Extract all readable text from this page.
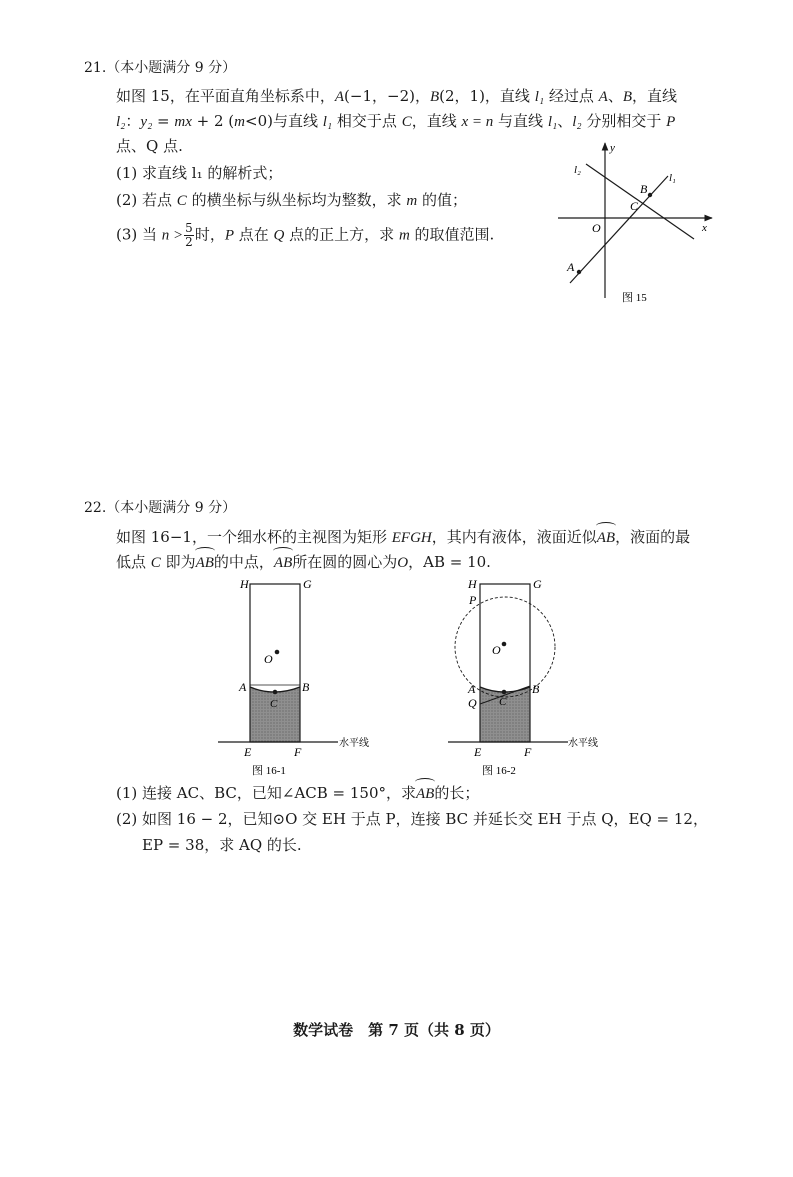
21.（本小题满分 9 分）
如图 15，在平面直角坐标系中，A(−1，−2)，B(2，1)，直线 l₁ 经过点 A、B，直线
l₂：y₂ = mx + 2 (m<0)与直线 l₁ 相交于点 C，直线 x = n 与直线 l₁、l₂ 分别相交于 P
点、Q 点.
(1) 求直线 l₁ 的解析式；
(2) 若点 C 的横坐标与纵坐标均为整数，求 m 的值；
(3) 当 $n > \frac{5}{2}$ 时，P 点在 Q 点的正上方，求 m 的取值范围.
y
x
O
A
B
C
l₁
l₂
图 15
22.（本小题满分 9 分）
如图 16−1，一个细水杯的主视图为矩形 EFGH，其内有液体，液面近似AB，液面的最
低点 C 即为AB的中点，AB所在圆的圆心为O，AB = 10.
H	G
O
A	B
C
E	F
水平线
图 16-1
H	G
P
O
A
Q
B
C
E	F
水平线
图 16-2
(1) 连接 AC、BC，已知∠ACB = 150°，求AB的长；
(2) 如图 16 − 2，已知⊙O 交 EH 于点 P，连接 BC 并延长交 EH 于点 Q，EQ = 12，
EP = 38，求 AQ 的长.
数学试卷　第 7 页（共 8 页）
